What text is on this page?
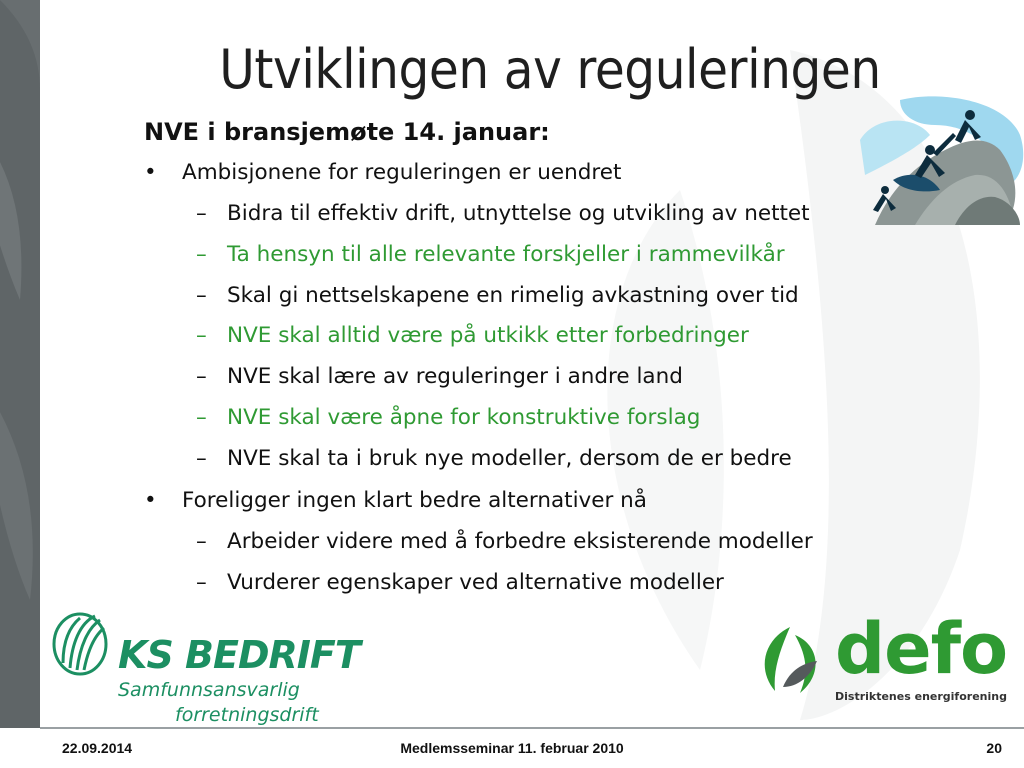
Utviklingen av reguleringen
NVE i bransjemøte 14. januar:
• Ambisjonene for reguleringen er uendret
– Bidra til effektiv drift, utnyttelse og utvikling av nettet
– Ta hensyn til alle relevante forskjeller i rammevilkår
– Skal gi nettselskapene en rimelig avkastning over tid
– NVE skal alltid være på utkikk etter forbedringer
– NVE skal lære av reguleringer i andre land
– NVE skal være åpne for konstruktive forslag
– NVE skal ta i bruk nye modeller, dersom de er bedre
• Foreligger ingen klart bedre alternativer nå
– Arbeider videre med å forbedre eksisterende modeller
– Vurderer egenskaper ved alternative modeller
KS BEDRIFT
Samfunnsansvarlig
forretningsdrift
defo
Distriktenes energiforening
22.09.2014	Medlemsseminar 11. februar 2010	20
